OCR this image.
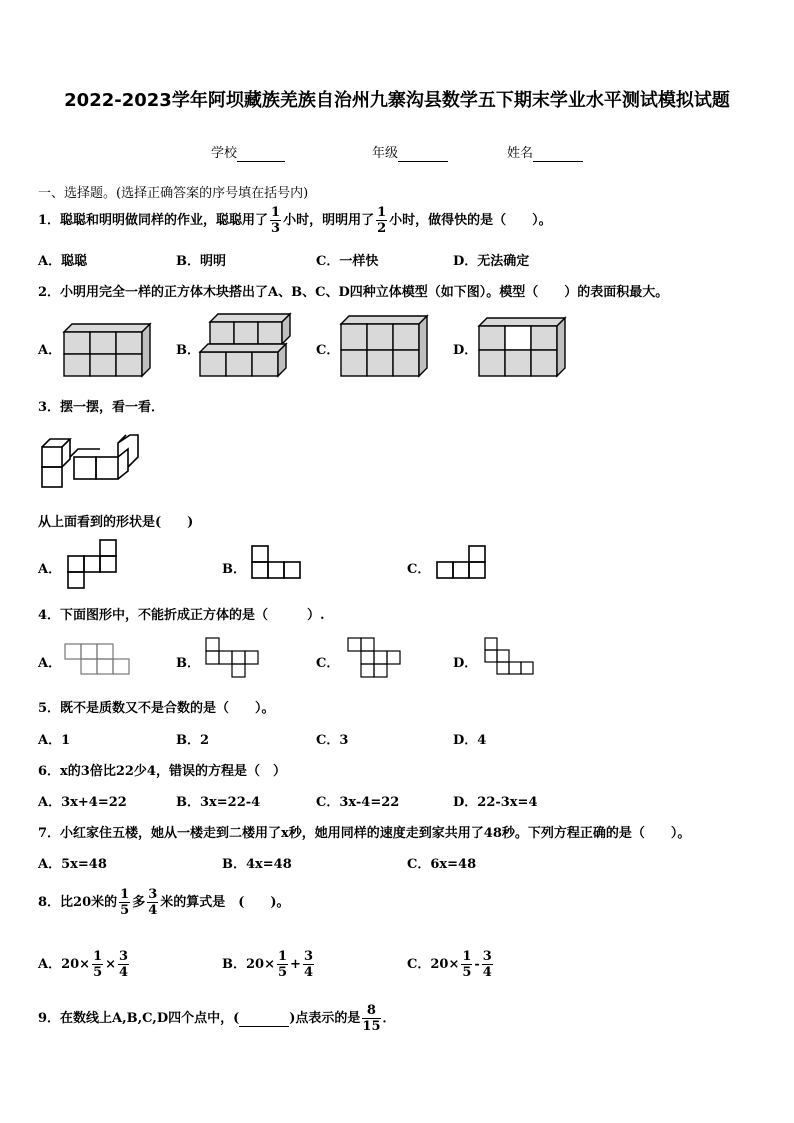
2022-2023学年阿坝藏族羌族自治州九寨沟县数学五下期末学业水平测试模拟试题
学校	年级	姓名
一、选择题。(选择正确答案的序号填在括号内)
1．聪聪和明明做同样的作业，聪聪用了 $\frac{1}{3}$ 小时，明明用了 $\frac{1}{2}$ 小时，做得快的是（　　）。
A．聪聪	B．明明	C．一样快	D．无法确定
2．小明用完全一样的正方体木块搭出了A、B、C、D四种立体模型（如下图）。模型（　　）的表面积最大。
A．	B．	C．	D．
3．摆一摆，看一看．
从上面看到的形状是(　　)
A．	B．	C．
4．下面图形中，不能折成正方体的是（　　　）.
A．	B．	C．	D．
5．既不是质数又不是合数的是（　　）。
A．1	B．2	C．3	D．4
6．x的3倍比22少4，错误的方程是（　）
A．3x+4=22	B．3x=22-4	C．3x-4=22	D．22-3x=4
7．小红家住五楼，她从一楼走到二楼用了x秒，她用同样的速度走到家共用了48秒。下列方程正确的是（　　）。
A．5x=48	B．4x=48	C．6x=48
8．比20米的 $\frac{1}{5}$ 多 $\frac{3}{4}$ 米的算式是　(　　)。
A．$20\times \frac{1}{5} \times \frac{3}{4}$	B．$20\times \frac{1}{5} + \frac{3}{4}$	C．$20\times \frac{1}{5} - \frac{3}{4}$
9．在数线上A,B,C,D四个点中，(	)点表示的是 $\frac{8}{15}$ ．
